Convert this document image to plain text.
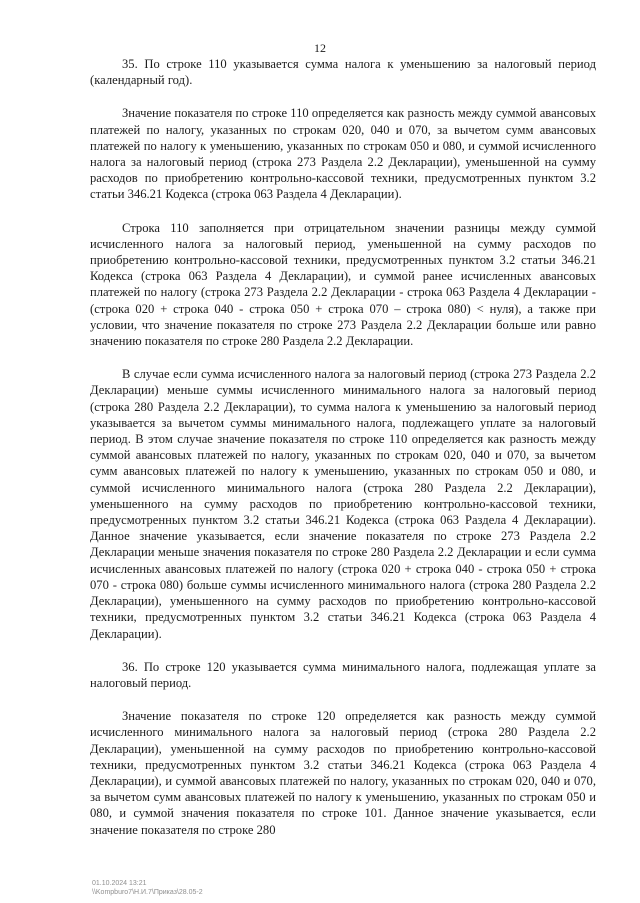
12

35. По строке 110 указывается сумма налога к уменьшению за налоговый период (календарный год).

Значение показателя по строке 110 определяется как разность между суммой авансовых платежей по налогу, указанных по строкам 020, 040 и 070, за вычетом сумм авансовых платежей по налогу к уменьшению, указанных по строкам 050 и 080, и суммой исчисленного налога за налоговый период (строка 273 Раздела 2.2 Декларации), уменьшенной на сумму расходов по приобретению контрольно-кассовой техники, предусмотренных пунктом 3.2 статьи 346.21 Кодекса (строка 063 Раздела 4 Декларации).

Строка 110 заполняется при отрицательном значении разницы между суммой исчисленного налога за налоговый период, уменьшенной на сумму расходов по приобретению контрольно-кассовой техники, предусмотренных пунктом 3.2 статьи 346.21 Кодекса (строка 063 Раздела 4 Декларации), и суммой ранее исчисленных авансовых платежей по налогу (строка 273 Раздела 2.2 Декларации - строка 063 Раздела 4 Декларации - (строка 020 + строка 040 - строка 050 + строка 070 – строка 080) < нуля), а также при условии, что значение показателя по строке 273 Раздела 2.2 Декларации больше или равно значению показателя по строке 280 Раздела 2.2 Декларации.

В случае если сумма исчисленного налога за налоговый период (строка 273 Раздела 2.2 Декларации) меньше суммы исчисленного минимального налога за налоговый период (строка 280 Раздела 2.2 Декларации), то сумма налога к уменьшению за налоговый период указывается за вычетом суммы минимального налога, подлежащего уплате за налоговый период. В этом случае значение показателя по строке 110 определяется как разность между суммой авансовых платежей по налогу, указанных по строкам 020, 040 и 070, за вычетом сумм авансовых платежей по налогу к уменьшению, указанных по строкам 050 и 080, и суммой исчисленного минимального налога (строка 280 Раздела 2.2 Декларации), уменьшенного на сумму расходов по приобретению контрольно-кассовой техники, предусмотренных пунктом 3.2 статьи 346.21 Кодекса (строка 063 Раздела 4 Декларации). Данное значение указывается, если значение показателя по строке 273 Раздела 2.2 Декларации меньше значения показателя по строке 280 Раздела 2.2 Декларации и если сумма исчисленных авансовых платежей по налогу (строка 020 + строка 040 - строка 050 + строка 070 - строка 080) больше суммы исчисленного минимального налога (строка 280 Раздела 2.2 Декларации), уменьшенного на сумму расходов по приобретению контрольно-кассовой техники, предусмотренных пунктом 3.2 статьи 346.21 Кодекса (строка 063 Раздела 4 Декларации).

36. По строке 120 указывается сумма минимального налога, подлежащая уплате за налоговый период.

Значение показателя по строке 120 определяется как разность между суммой исчисленного минимального налога за налоговый период (строка 280 Раздела 2.2 Декларации), уменьшенной на сумму расходов по приобретению контрольно-кассовой техники, предусмотренных пунктом 3.2 статьи 346.21 Кодекса (строка 063 Раздела 4 Декларации), и суммой авансовых платежей по налогу, указанных по строкам 020, 040 и 070, за вычетом сумм авансовых платежей по налогу к уменьшению, указанных по строкам 050 и 080, и суммой значения показателя по строке 101. Данное значение указывается, если значение показателя по строке 280

01.10.2024 13:21
\\Kompburo7\Н.И.7\Приказ\28.05-2
